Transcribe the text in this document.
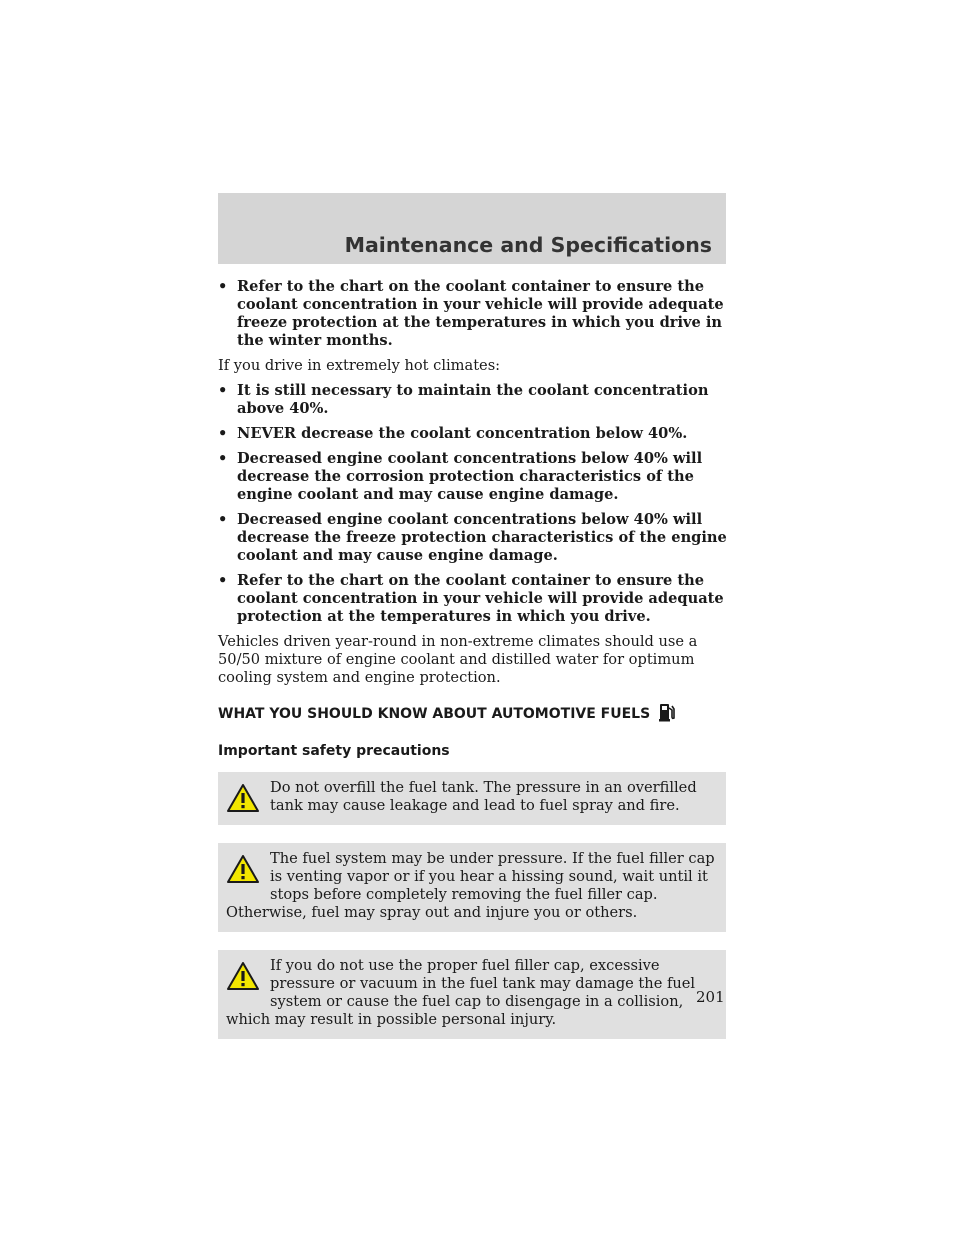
Maintenance and Specifications
• Refer to the chart on the coolant container to ensure the coolant concentration in your vehicle will provide adequate freeze protection at the temperatures in which you drive in the winter months.
If you drive in extremely hot climates:
• It is still necessary to maintain the coolant concentration above 40%.
• NEVER decrease the coolant concentration below 40%.
• Decreased engine coolant concentrations below 40% will decrease the corrosion protection characteristics of the engine coolant and may cause engine damage.
• Decreased engine coolant concentrations below 40% will decrease the freeze protection characteristics of the engine coolant and may cause engine damage.
• Refer to the chart on the coolant container to ensure the coolant concentration in your vehicle will provide adequate protection at the temperatures in which you drive.
Vehicles driven year-round in non-extreme climates should use a 50/50 mixture of engine coolant and distilled water for optimum cooling system and engine protection.
WHAT YOU SHOULD KNOW ABOUT AUTOMOTIVE FUELS
Important safety precautions
Do not overfill the fuel tank. The pressure in an overfilled tank may cause leakage and lead to fuel spray and fire.
The fuel system may be under pressure. If the fuel filler cap is venting vapor or if you hear a hissing sound, wait until it stops before completely removing the fuel filler cap. Otherwise, fuel may spray out and injure you or others.
If you do not use the proper fuel filler cap, excessive pressure or vacuum in the fuel tank may damage the fuel system or cause the fuel cap to disengage in a collision, which may result in possible personal injury.
201
